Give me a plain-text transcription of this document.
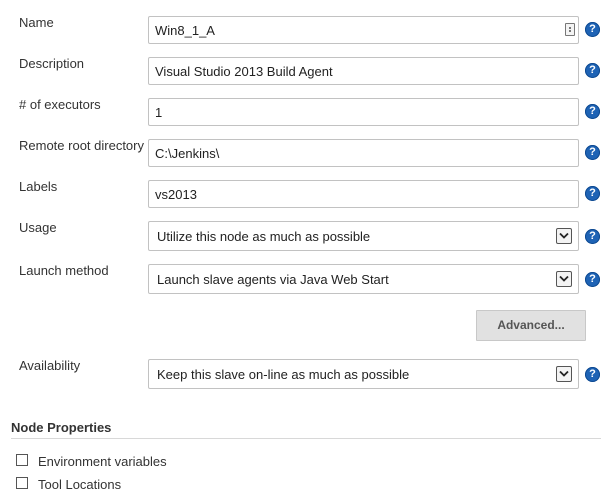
Name
Win8_1_A	?
Description
Visual Studio 2013 Build Agent	?
# of executors
1	?
Remote root directory
C:\Jenkins\	?
Labels
vs2013	?
Usage
Utilize this node as much as possible	?
Launch method
Launch slave agents via Java Web Start	?
Advanced...
Availability
Keep this slave on-line as much as possible	?
Node Properties
Environment variables
Tool Locations
